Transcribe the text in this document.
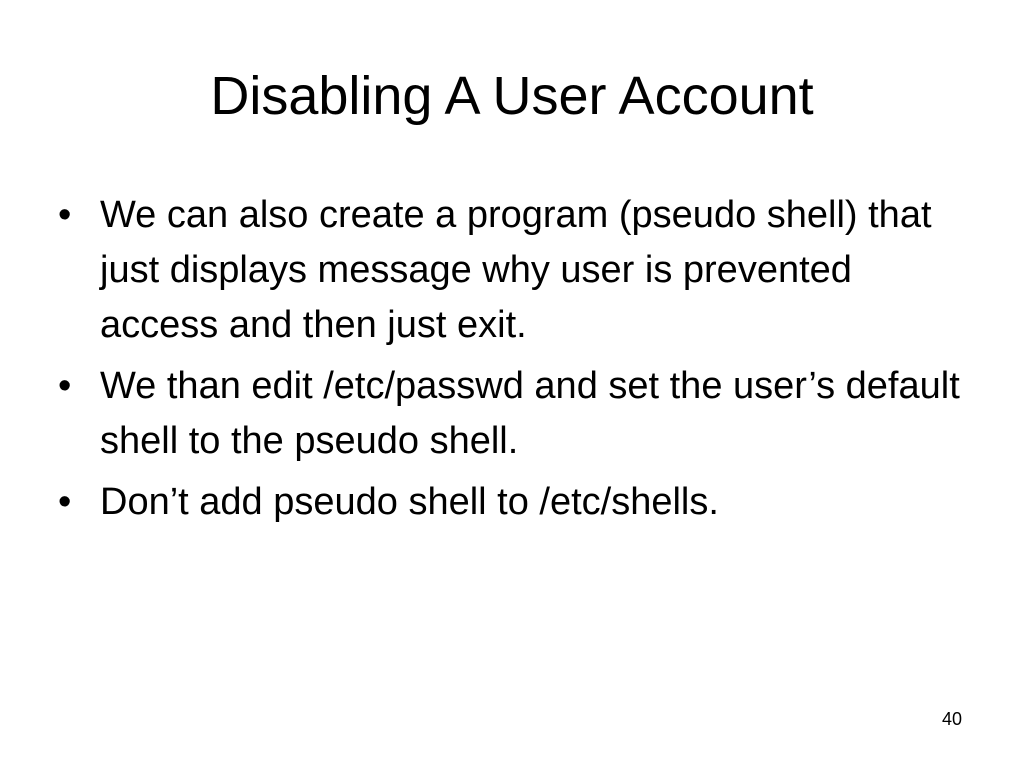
Disabling A User Account
• We can also create a program (pseudo shell) that just displays message why user is prevented access and then just exit.
• We than edit /etc/passwd and set the user’s default shell to the pseudo shell.
• Don’t add pseudo shell to /etc/shells.
40
